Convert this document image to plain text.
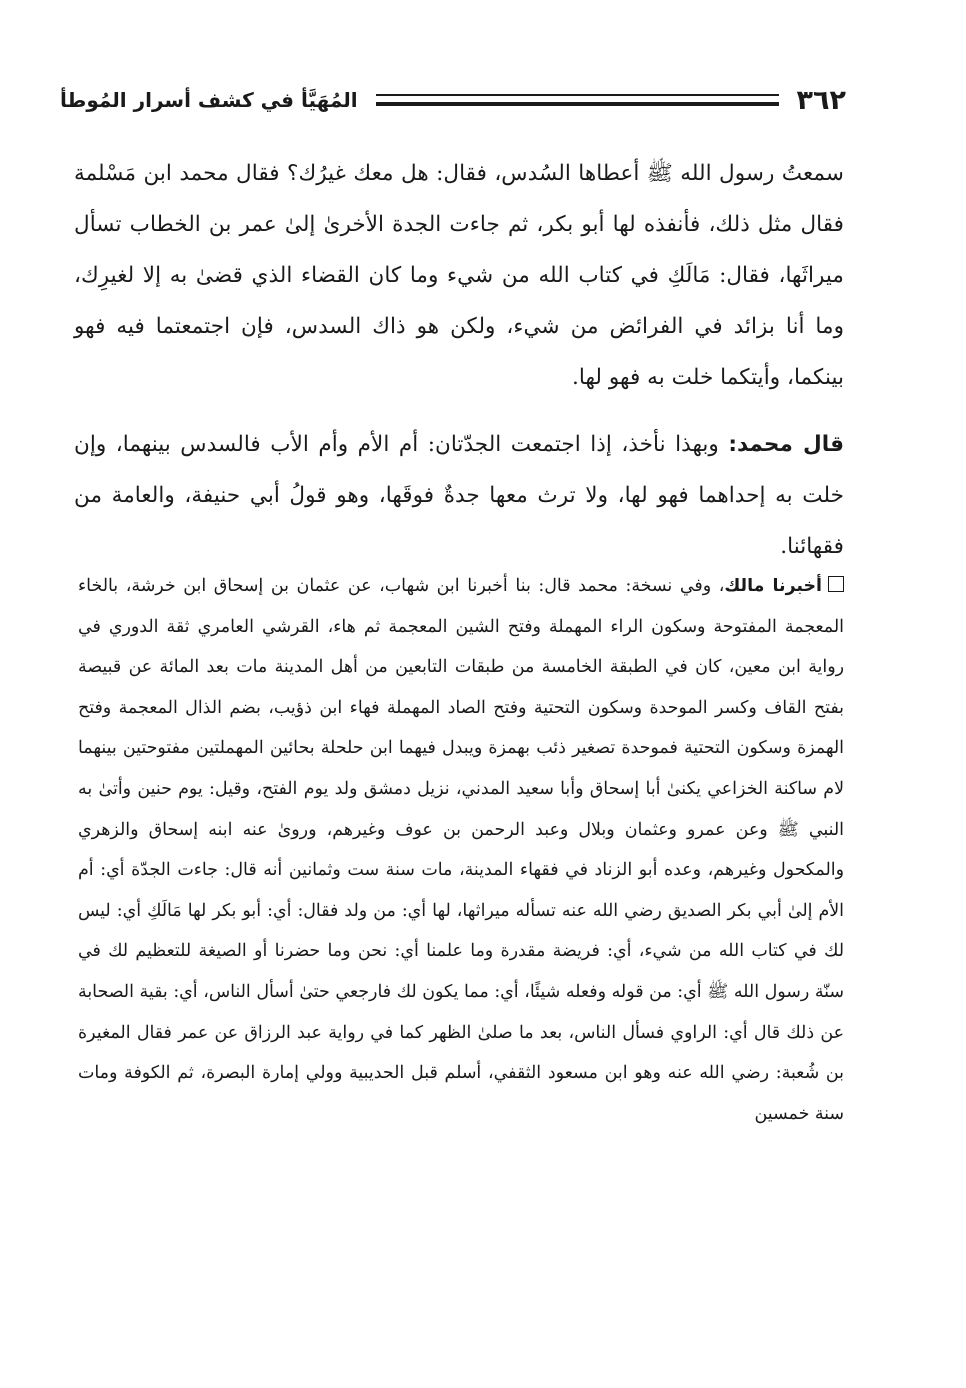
٣٦٢
المُهَيَّأ في كشف أسرار المُوطأ

سمعتُ رسول الله ﷺ أعطاها السُدس، فقال: هل معك غيرُك؟ فقال محمد ابن مَسْلمة فقال مثل ذلك، فأنفذه لها أبو بكر، ثم جاءت الجدة الأخرىٰ إلىٰ عمر بن الخطاب تسأل ميراثَها، فقال: مَالَكِ في كتاب الله من شيء وما كان القضاء الذي قضىٰ به إلا لغيرِك، وما أنا بزائد في الفرائض من شيء، ولكن هو ذاك السدس، فإن اجتمعتما فيه فهو بينكما، وأيتكما خلت به فهو لها.

قال محمد: وبهذا نأخذ، إذا اجتمعت الجدّتان: أم الأم وأم الأب فالسدس بينهما، وإن خلت به إحداهما فهو لها، ولا ترث معها جدةٌ فوقَها، وهو قولُ أبي حنيفة، والعامة من فقهائنا.

أخبرنا مالك، وفي نسخة: محمد قال: بنا أخبرنا ابن شهاب، عن عثمان بن إسحاق ابن خرشة، بالخاء المعجمة المفتوحة وسكون الراء المهملة وفتح الشين المعجمة ثم هاء، القرشي العامري ثقة الدوري في رواية ابن معين، كان في الطبقة الخامسة من طبقات التابعين من أهل المدينة مات بعد المائة عن قبيصة بفتح القاف وكسر الموحدة وسكون التحتية وفتح الصاد المهملة فهاء ابن ذؤيب، بضم الذال المعجمة وفتح الهمزة وسكون التحتية فموحدة تصغير ذئب بهمزة ويبدل فيهما ابن حلحلة بحائين المهملتين مفتوحتين بينهما لام ساكنة الخزاعي يكنىٰ أبا إسحاق وأبا سعيد المدني، نزيل دمشق ولد يوم الفتح، وقيل: يوم حنين وأتىٰ به النبي ﷺ وعن عمرو وعثمان وبلال وعبد الرحمن بن عوف وغيرهم، وروىٰ عنه ابنه إسحاق والزهري والمكحول وغيرهم، وعده أبو الزناد في فقهاء المدينة، مات سنة ست وثمانين أنه قال: جاءت الجدّة أي: أم الأم إلىٰ أبي بكر الصديق رضي الله عنه تسأله ميراثها، لها أي: من ولد فقال: أي: أبو بكر لها مَالَكِ أي: ليس لك في كتاب الله من شيء، أي: فريضة مقدرة وما علمنا أي: نحن وما حضرنا أو الصيغة للتعظيم لك في سنّة رسول الله ﷺ أي: من قوله وفعله شيئًا، أي: مما يكون لك فارجعي حتىٰ أسأل الناس، أي: بقية الصحابة عن ذلك قال أي: الراوي فسأل الناس، بعد ما صلىٰ الظهر كما في رواية عبد الرزاق عن عمر فقال المغيرة بن شُعبة: رضي الله عنه وهو ابن مسعود الثقفي، أسلم قبل الحديبية وولي إمارة البصرة، ثم الكوفة ومات سنة خمسين
